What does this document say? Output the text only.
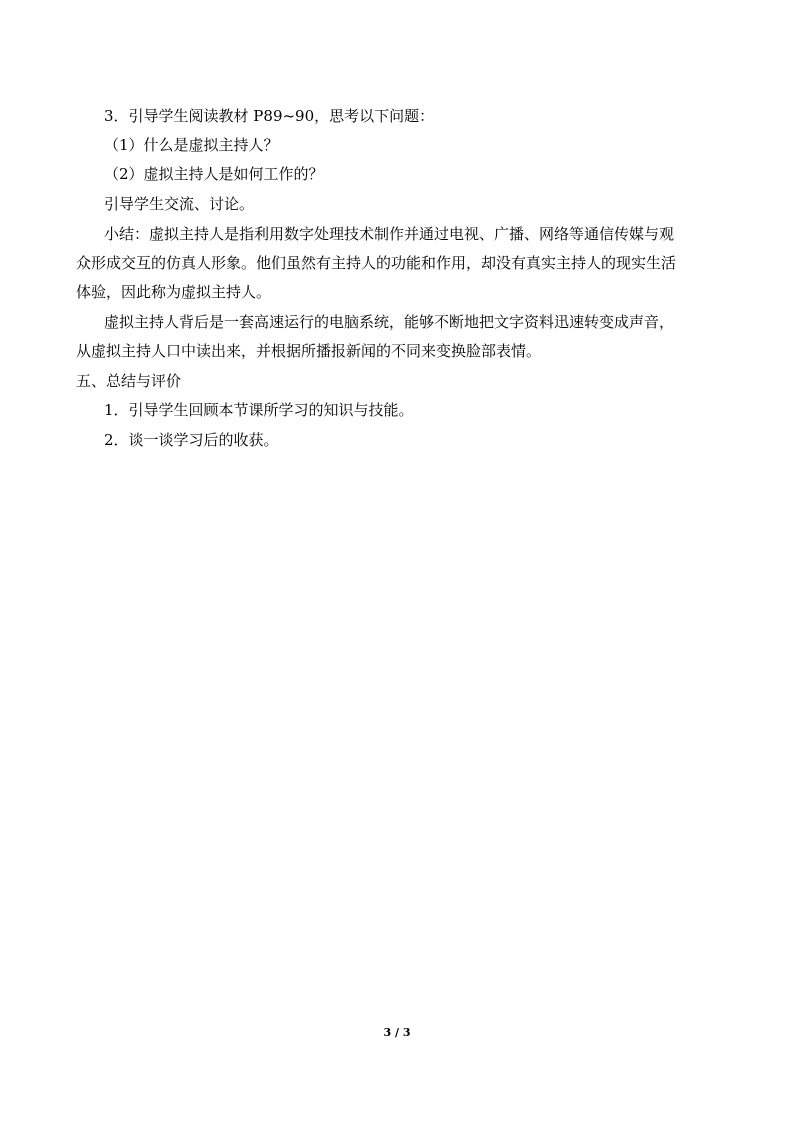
3．引导学生阅读教材 P89~90，思考以下问题：
（1）什么是虚拟主持人？
（2）虚拟主持人是如何工作的？
引导学生交流、讨论。
小结：虚拟主持人是指利用数字处理技术制作并通过电视、广播、网络等通信传媒与观
众形成交互的仿真人形象。他们虽然有主持人的功能和作用，却没有真实主持人的现实生活
体验，因此称为虚拟主持人。
虚拟主持人背后是一套高速运行的电脑系统，能够不断地把文字资料迅速转变成声音，
从虚拟主持人口中读出来，并根据所播报新闻的不同来变换脸部表情。
五、总结与评价
1．引导学生回顾本节课所学习的知识与技能。
2．谈一谈学习后的收获。
3 / 3
